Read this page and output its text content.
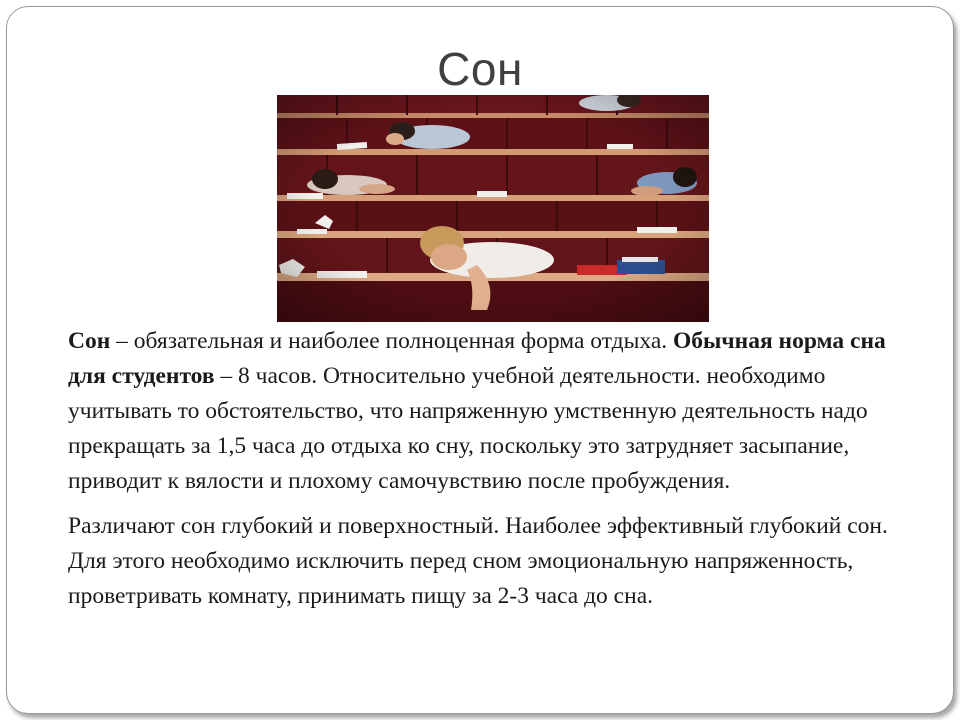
Сон

Сон – обязательная и наиболее полноценная форма отдыха. Обычная норма сна для студентов – 8 часов. Относительно учебной деятельности. необходимо учитывать то обстоятельство, что напряженную умственную деятельность надо прекращать за 1,5 часа до отдыха ко сну, поскольку это затрудняет засыпание, приводит к вялости и плохому самочувствию после пробуждения.

Различают сон глубокий и поверхностный. Наиболее эффективный глубокий сон. Для этого необходимо исключить перед сном эмоциональную напряженность, проветривать комнату, принимать пищу за 2-3 часа до сна.
